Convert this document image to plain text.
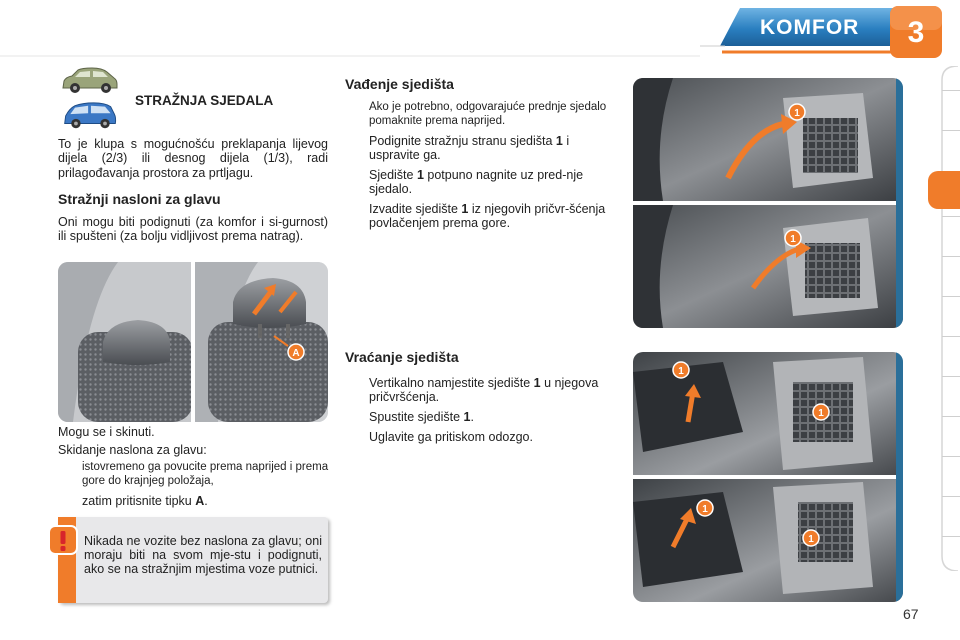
KOMFOR	3
STRAŽNJA SJEDALA
To je klupa s mogućnošću preklapanja lijevog dijela (2/3) ili desnog dijela (1/3), radi prilagođavanja prostora za prtljagu.
Stražnji nasloni za glavu
Oni mogu biti podignuti (za komfor i si-gurnost) ili spušteni (za bolju vidljivost prema natrag).
A
Mogu se i skinuti.
Skidanje naslona za glavu:
istovremeno ga povucite prema naprijed i prema gore do krajnjeg položaja,
zatim pritisnite tipku A.
Nikada ne vozite bez naslona za glavu; oni moraju biti na svom mje-stu i podignuti, ako se na stražnjim mjestima voze putnici.
Vađenje sjedišta
Ako je potrebno, odgovarajuće prednje sjedalo pomaknite prema naprijed.
Podignite stražnju stranu sjedišta 1 i uspravite ga.
Sjedište 1 potpuno nagnite uz pred-nje sjedalo.
Izvadite sjedište 1 iz njegovih pričvr-šćenja povlačenjem prema gore.
Vraćanje sjedišta
Vertikalno namjestite sjedište 1 u njegova pričvršćenja.
Spustite sjedište 1.
Uglavite ga pritiskom odozgo.
1
1
1
1
1
1
67
